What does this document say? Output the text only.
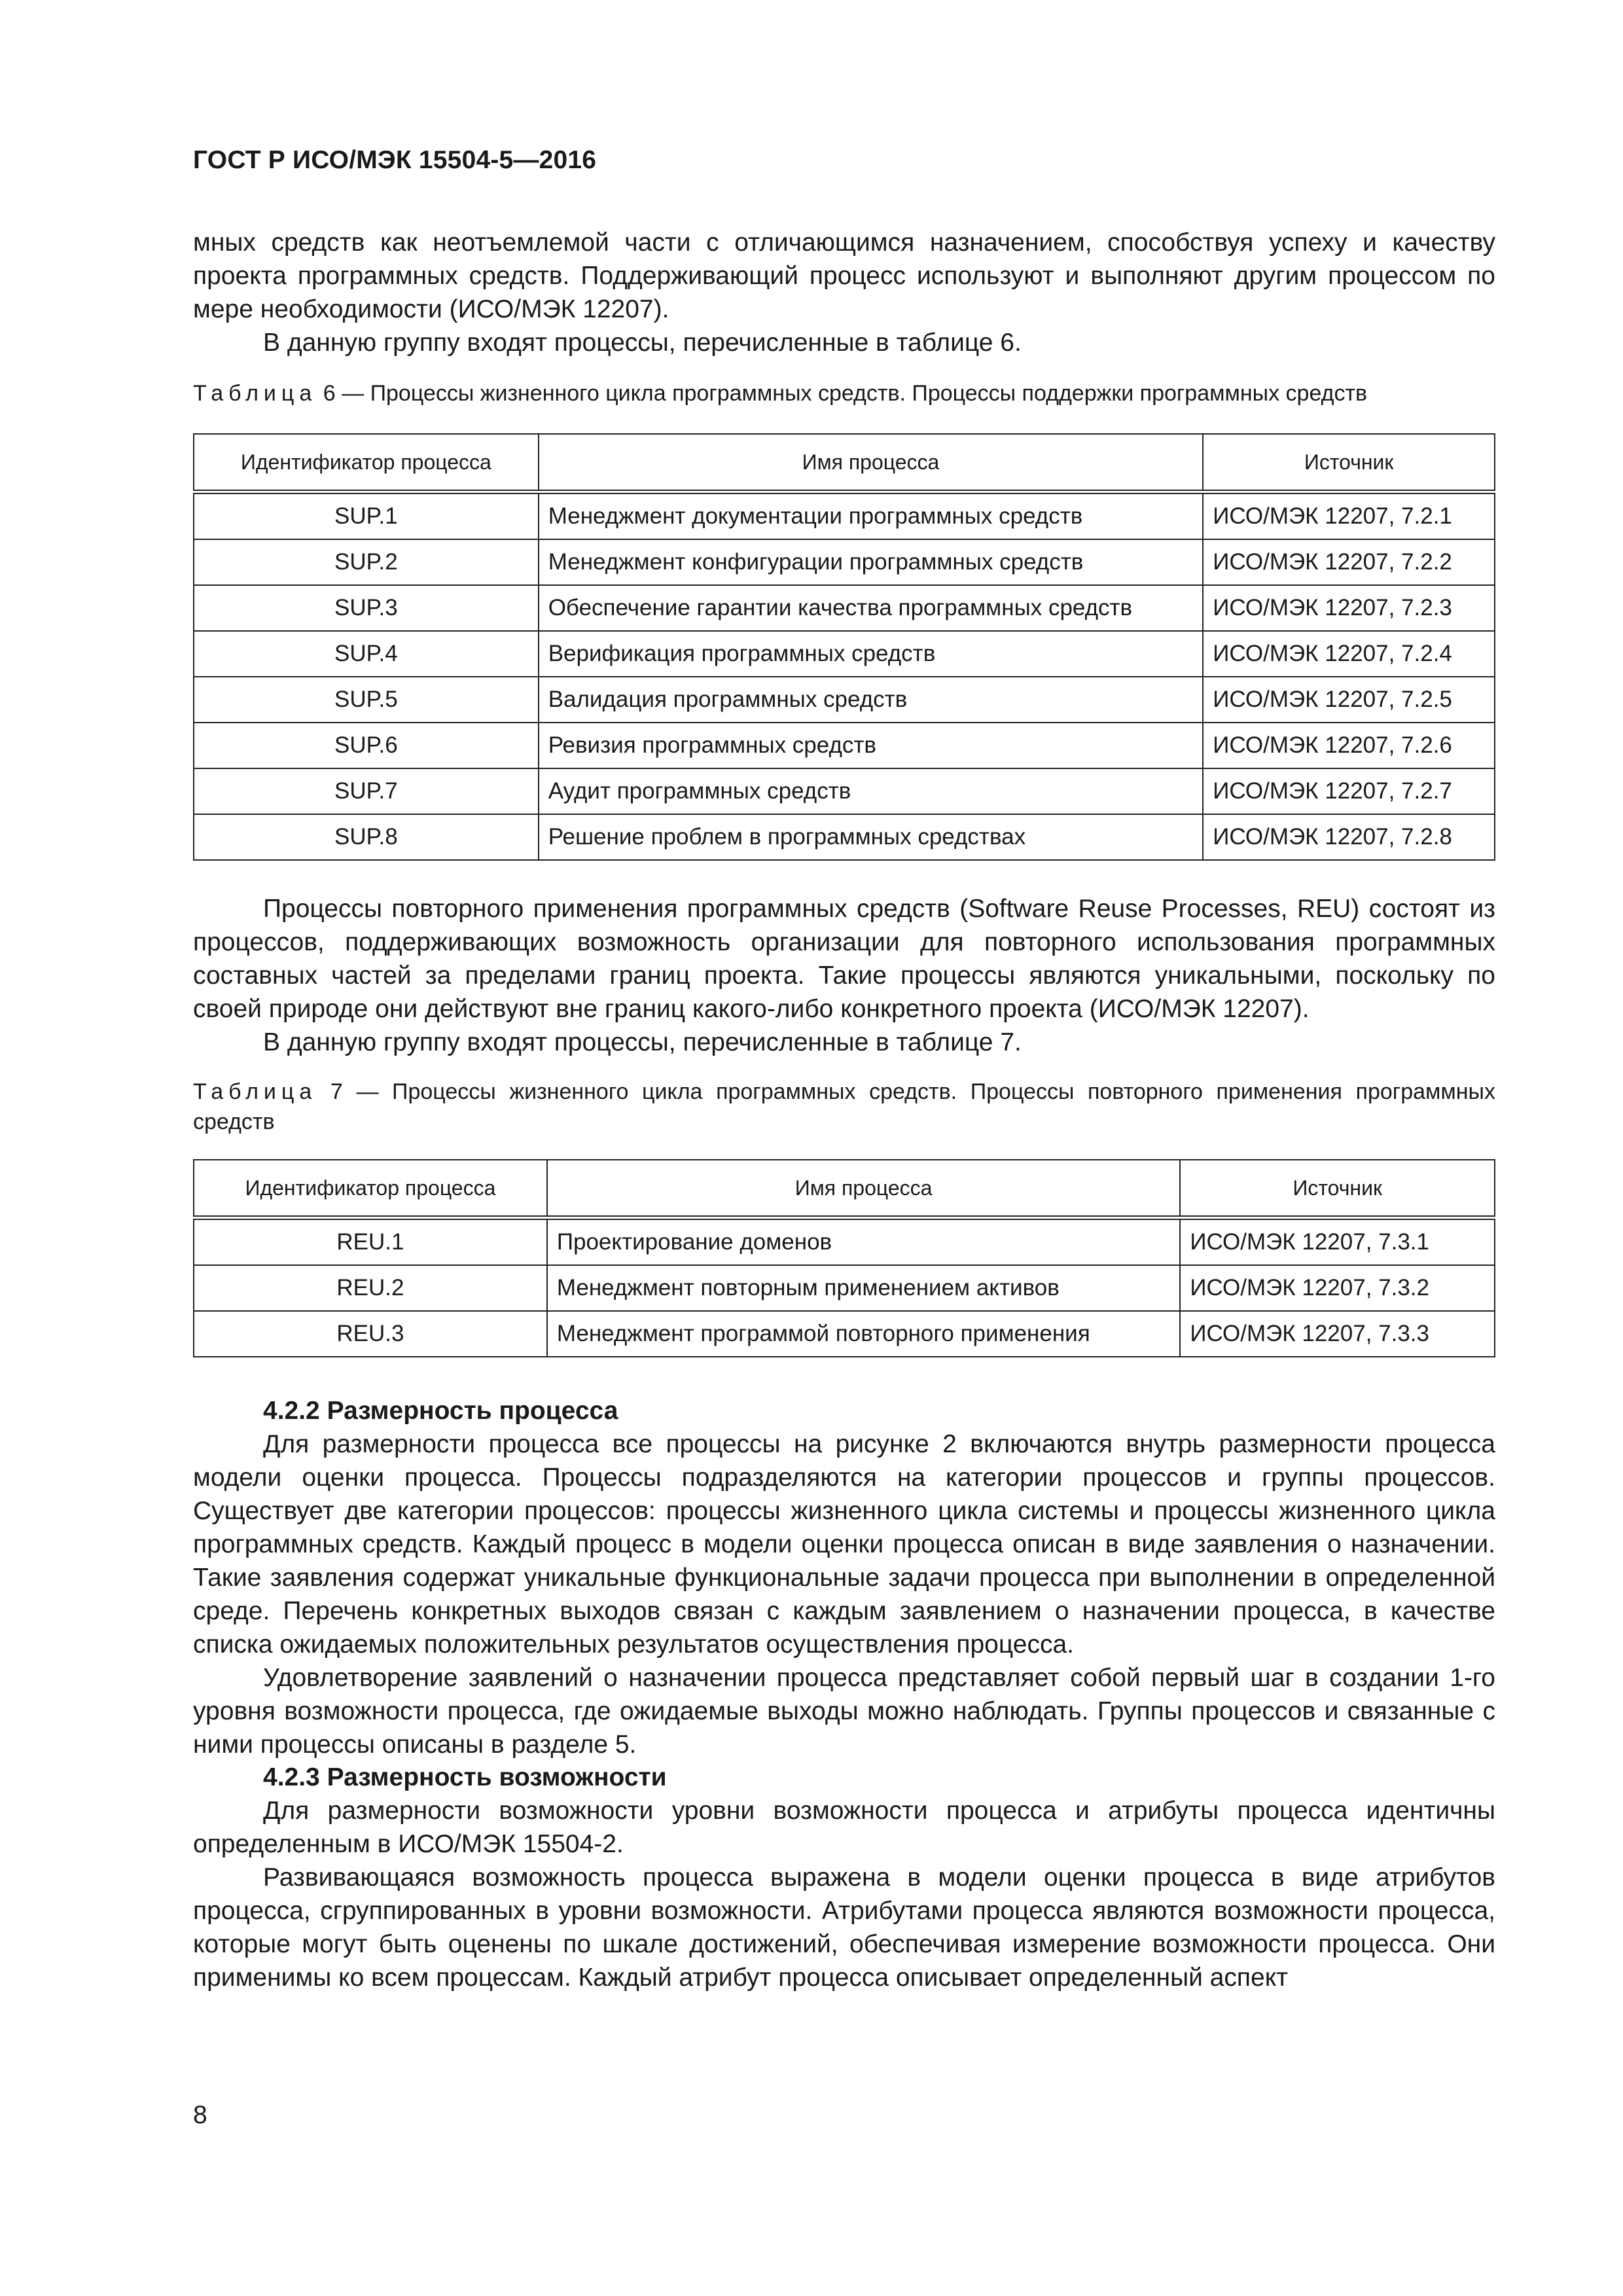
ГОСТ Р ИСО/МЭК 15504-5—2016

мных средств как неотъемлемой части с отличающимся назначением, способствуя успеху и качеству проекта программных средств. Поддерживающий процесс используют и выполняют другим процессом по мере необходимости (ИСО/МЭК 12207).

В данную группу входят процессы, перечисленные в таблице 6.

Таблица 6 — Процессы жизненного цикла программных средств. Процессы поддержки программных средств

Идентификатор процесса	Имя процесса	Источник
SUP.1	Менеджмент документации программных средств	ИСО/МЭК 12207, 7.2.1
SUP.2	Менеджмент конфигурации программных средств	ИСО/МЭК 12207, 7.2.2
SUP.3	Обеспечение гарантии качества программных средств	ИСО/МЭК 12207, 7.2.3
SUP.4	Верификация программных средств	ИСО/МЭК 12207, 7.2.4
SUP.5	Валидация программных средств	ИСО/МЭК 12207, 7.2.5
SUP.6	Ревизия программных средств	ИСО/МЭК 12207, 7.2.6
SUP.7	Аудит программных средств	ИСО/МЭК 12207, 7.2.7
SUP.8	Решение проблем в программных средствах	ИСО/МЭК 12207, 7.2.8

Процессы повторного применения программных средств (Software Reuse Processes, REU) состоят из процессов, поддерживающих возможность организации для повторного использования программных составных частей за пределами границ проекта. Такие процессы являются уникальными, поскольку по своей природе они действуют вне границ какого-либо конкретного проекта (ИСО/МЭК 12207).

В данную группу входят процессы, перечисленные в таблице 7.

Таблица 7 — Процессы жизненного цикла программных средств. Процессы повторного применения программных средств

Идентификатор процесса	Имя процесса	Источник
REU.1	Проектирование доменов	ИСО/МЭК 12207, 7.3.1
REU.2	Менеджмент повторным применением активов	ИСО/МЭК 12207, 7.3.2
REU.3	Менеджмент программой повторного применения	ИСО/МЭК 12207, 7.3.3

4.2.2 Размерность процесса

Для размерности процесса все процессы на рисунке 2 включаются внутрь размерности процесса модели оценки процесса. Процессы подразделяются на категории процессов и группы процессов. Существует две категории процессов: процессы жизненного цикла системы и процессы жизненного цикла программных средств. Каждый процесс в модели оценки процесса описан в виде заявления о назначении. Такие заявления содержат уникальные функциональные задачи процесса при выполнении в определенной среде. Перечень конкретных выходов связан с каждым заявлением о назначении процесса, в качестве списка ожидаемых положительных результатов осуществления процесса.

Удовлетворение заявлений о назначении процесса представляет собой первый шаг в создании 1-го уровня возможности процесса, где ожидаемые выходы можно наблюдать. Группы процессов и связанные с ними процессы описаны в разделе 5.

4.2.3 Размерность возможности

Для размерности возможности уровни возможности процесса и атрибуты процесса идентичны определенным в ИСО/МЭК 15504-2.

Развивающаяся возможность процесса выражена в модели оценки процесса в виде атрибутов процесса, сгруппированных в уровни возможности. Атрибутами процесса являются возможности процесса, которые могут быть оценены по шкале достижений, обеспечивая измерение возможности процесса. Они применимы ко всем процессам. Каждый атрибут процесса описывает определенный аспект

8
